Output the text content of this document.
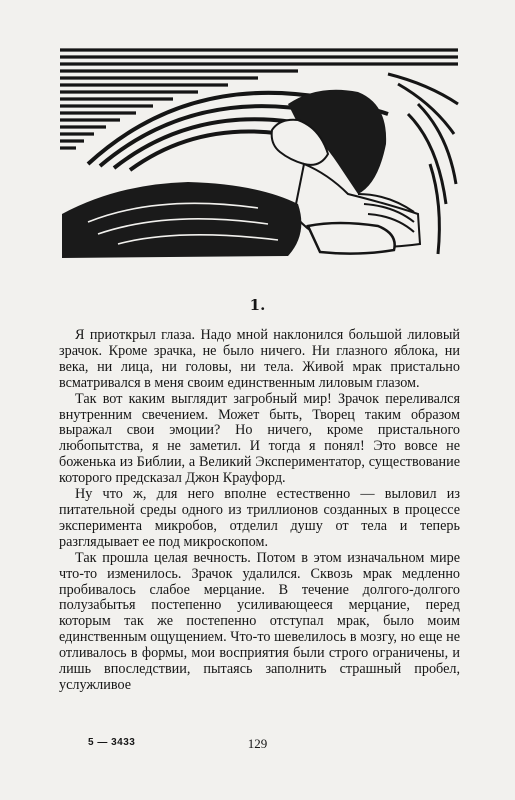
1.

Я приоткрыл глаза. Надо мной наклонился большой лиловый зрачок. Кроме зрачка, не было ничего. Ни глазного яблока, ни века, ни лица, ни головы, ни тела. Живой мрак пристально всматривался в меня своим единственным лиловым глазом.

Так вот каким выглядит загробный мир! Зрачок переливался внутренним свечением. Может быть, Творец таким образом выражал свои эмоции? Но ничего, кроме пристального любопытства, я не заметил. И тогда я понял! Это вовсе не боженька из Библии, а Великий Экспериментатор, существование которого предсказал Джон Крауфорд.

Ну что ж, для него вполне естественно — выловил из питательной среды одного из триллионов созданных в процессе эксперимента микробов, отделил душу от тела и теперь разглядывает ее под микроскопом.

Так прошла целая вечность. Потом в этом изначальном мире что-то изменилось. Зрачок удалился. Сквозь мрак медленно пробивалось слабое мерцание. В течение долгого-долгого полузабытья постепенно усиливающееся мерцание, перед которым так же постепенно отступал мрак, было моим единственным ощущением. Что-то шевелилось в мозгу, но еще не отливалось в формы, мои восприятия были строго ограничены, и лишь впоследствии, пытаясь заполнить страшный пробел, услужливое

5 — 3433	129
